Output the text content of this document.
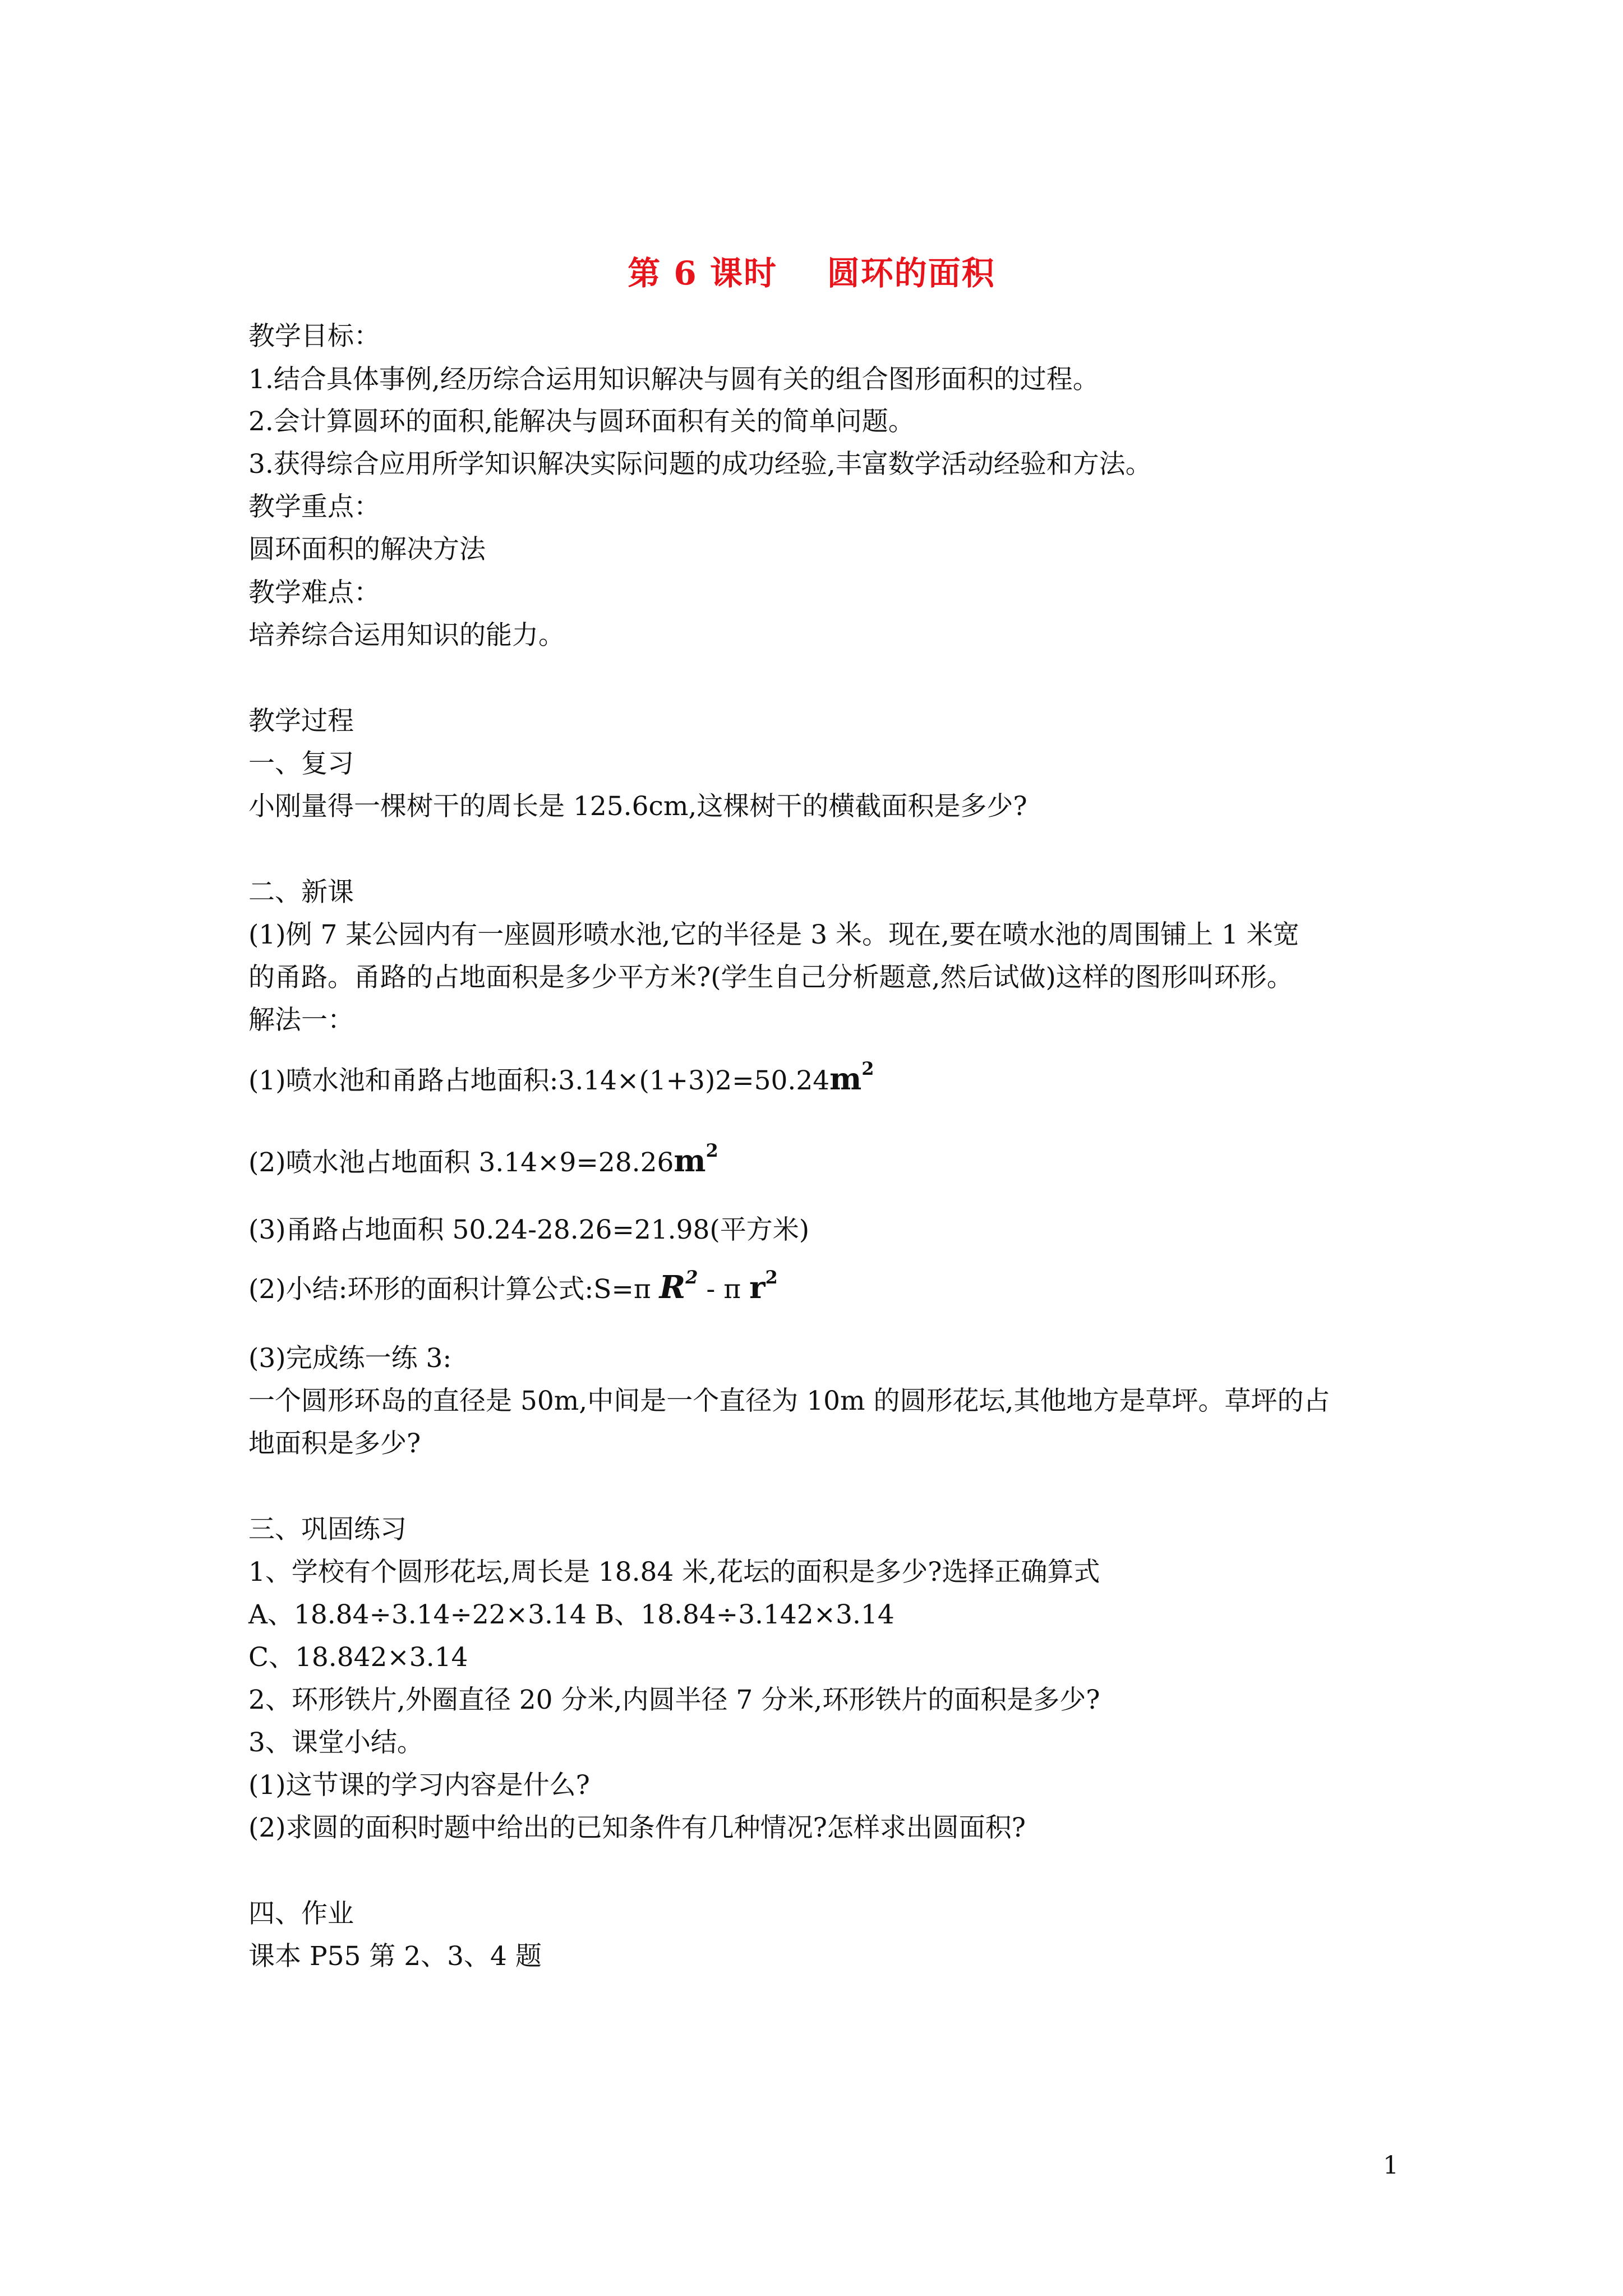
第 6 课时    圆环的面积
教学目标：
1.结合具体事例,经历综合运用知识解决与圆有关的组合图形面积的过程。
2.会计算圆环的面积,能解决与圆环面积有关的简单问题。
3.获得综合应用所学知识解决实际问题的成功经验,丰富数学活动经验和方法。
教学重点：
圆环面积的解决方法
教学难点：
培养综合运用知识的能力。
教学过程
一、复习
小刚量得一棵树干的周长是 125.6cm,这棵树干的横截面积是多少?
二、新课
(1)例 7 某公园内有一座圆形喷水池,它的半径是 3 米。现在,要在喷水池的周围铺上 1 米宽
的甬路。甬路的占地面积是多少平方米?(学生自己分析题意,然后试做)这样的图形叫环形。
解法一：
(1)喷水池和甬路占地面积$:3.14\times(1+3)2=50.24m^2$
(2)喷水池占地面积 $3.14\times 9=28.26m^2$
(3)甬路占地面积 50.24-28.26=21.98(平方米)
(2)小结:环形的面积计算公式:S=π $R^2$ - π $r^2$
(3)完成练一练 3:
一个圆形环岛的直径是 50m,中间是一个直径为 10m 的圆形花坛,其他地方是草坪。草坪的占
地面积是多少?
三、巩固练习
1、学校有个圆形花坛,周长是 18.84 米,花坛的面积是多少?选择正确算式
A、18.84÷3.14÷22×3.14 B、18.84÷3.142×3.14
C、18.842×3.14
2、环形铁片,外圈直径 20 分米,内圆半径 7 分米,环形铁片的面积是多少?
3、课堂小结。
(1)这节课的学习内容是什么?
(2)求圆的面积时题中给出的已知条件有几种情况?怎样求出圆面积?
四、作业
课本 P55 第 2、3、4 题
1
